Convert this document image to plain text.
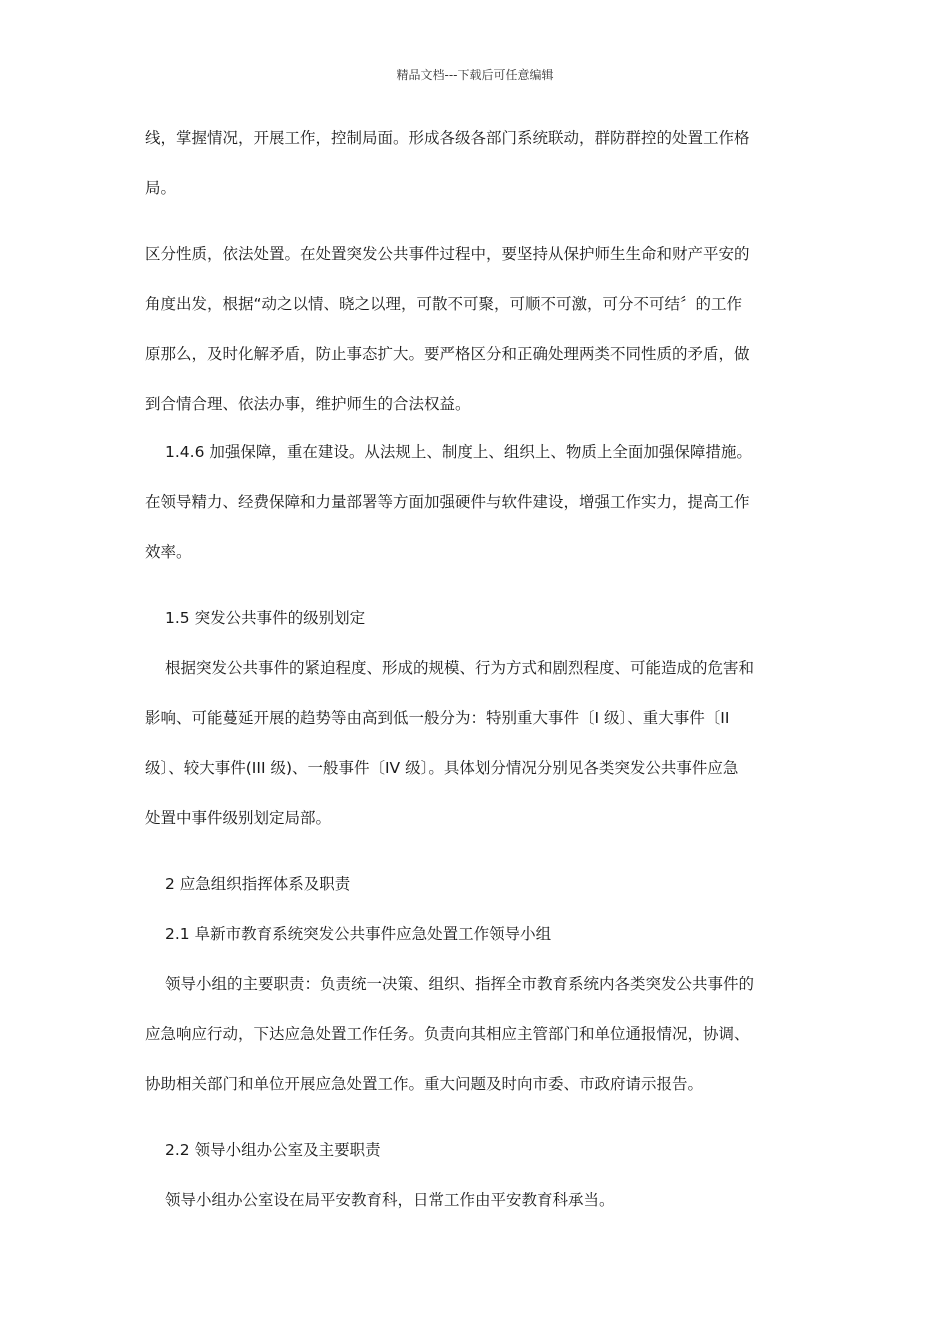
精品文档---下载后可任意编辑
线，掌握情况，开展工作，控制局面。形成各级各部门系统联动，群防群控的处置工作格
局。
区分性质，依法处置。在处置突发公共事件过程中，要坚持从保护师生生命和财产平安的
角度出发，根据“动之以情、晓之以理，可散不可聚，可顺不可激，可分不可结〞的工作
原那么，及时化解矛盾，防止事态扩大。要严格区分和正确处理两类不同性质的矛盾，做
到合情合理、依法办事，维护师生的合法权益。
1.4.6 加强保障，重在建设。从法规上、制度上、组织上、物质上全面加强保障措施。
在领导精力、经费保障和力量部署等方面加强硬件与软件建设，增强工作实力，提高工作
效率。
1.5 突发公共事件的级别划定
根据突发公共事件的紧迫程度、形成的规模、行为方式和剧烈程度、可能造成的危害和
影响、可能蔓延开展的趋势等由高到低一般分为：特别重大事件〔I 级〕、重大事件〔II
级〕、较大事件(III 级)、一般事件〔IV 级〕。具体划分情况分别见各类突发公共事件应急
处置中事件级别划定局部。
2 应急组织指挥体系及职责
2.1 阜新市教育系统突发公共事件应急处置工作领导小组
领导小组的主要职责：负责统一决策、组织、指挥全市教育系统内各类突发公共事件的
应急响应行动，下达应急处置工作任务。负责向其相应主管部门和单位通报情况，协调、
协助相关部门和单位开展应急处置工作。重大问题及时向市委、市政府请示报告。
2.2 领导小组办公室及主要职责
领导小组办公室设在局平安教育科，日常工作由平安教育科承当。
